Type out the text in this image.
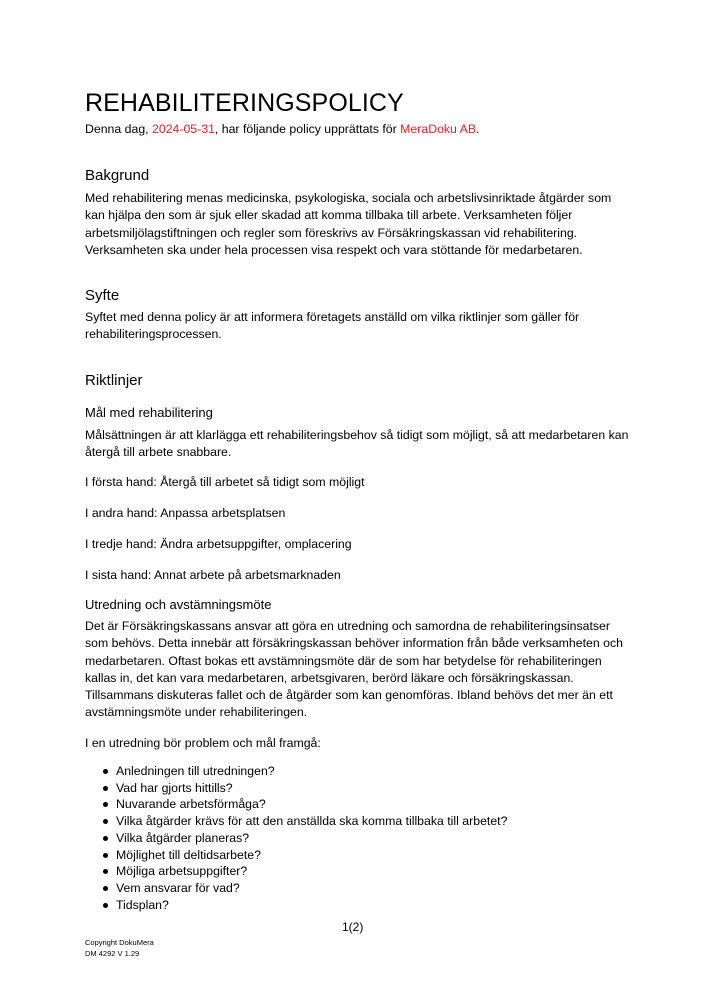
REHABILITERINGSPOLICY
Denna dag, 2024-05-31, har följande policy upprättats för MeraDoku AB.
Bakgrund

Med rehabilitering menas medicinska, psykologiska, sociala och arbetslivsinriktade åtgärder som kan hjälpa den som är sjuk eller skadad att komma tillbaka till arbete. Verksamheten följer arbetsmiljölagstiftningen och regler som föreskrivs av Försäkringskassan vid rehabilitering. Verksamheten ska under hela processen visa respekt och vara stöttande för medarbetaren.

Syfte

Syftet med denna policy är att informera företagets anställd om vilka riktlinjer som gäller för rehabiliteringsprocessen.

Riktlinjer
Mål med rehabilitering

Målsättningen är att klarlägga ett rehabiliteringsbehov så tidigt som möjligt, så att medarbetaren kan återgå till arbete snabbare.

I första hand: Återgå till arbetet så tidigt som möjligt

I andra hand: Anpassa arbetsplatsen

I tredje hand: Ändra arbetsuppgifter, omplacering

I sista hand: Annat arbete på arbetsmarknaden

Utredning och avstämningsmöte

Det är Försäkringskassans ansvar att göra en utredning och samordna de rehabiliteringsinsatser som behövs. Detta innebär att försäkringskassan behöver information från både verksamheten och medarbetaren. Oftast bokas ett avstämningsmöte där de som har betydelse för rehabiliteringen kallas in, det kan vara medarbetaren, arbetsgivaren, berörd läkare och försäkringskassan. Tillsammans diskuteras fallet och de åtgärder som kan genomföras. Ibland behövs det mer än ett avstämningsmöte under rehabiliteringen.

I en utredning bör problem och mål framgå:

Anledningen till utredningen?
Vad har gjorts hittills?
Nuvarande arbetsförmåga?
Vilka åtgärder krävs för att den anställda ska komma tillbaka till arbetet?
Vilka åtgärder planeras?
Möjlighet till deltidsarbete?
Möjliga arbetsuppgifter?
Vem ansvarar för vad?
Tidsplan?
1(2)
Copyright DokuMera
DM 4292 V 1.29
